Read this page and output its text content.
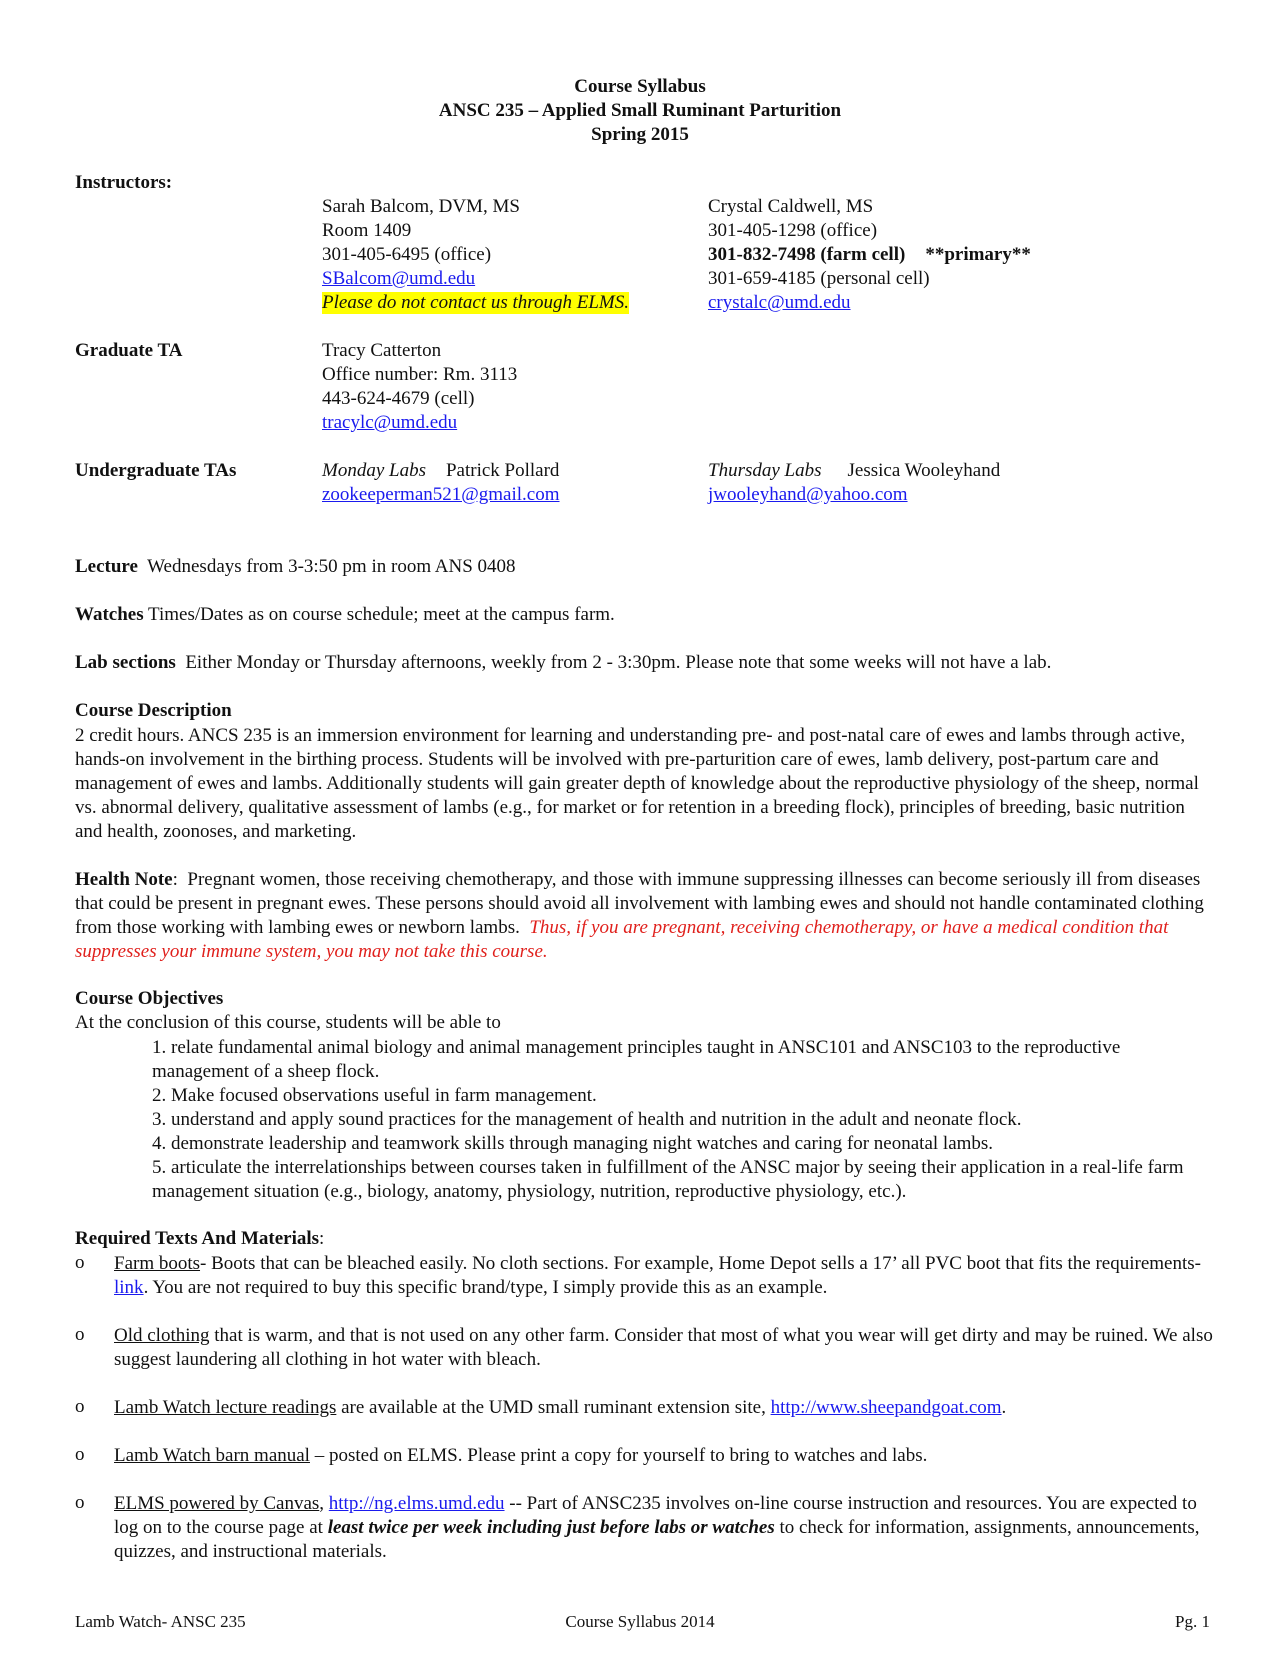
Course Syllabus
ANSC 235 – Applied Small Ruminant Parturition
Spring 2015
Instructors:
Sarah Balcom, DVM, MS
Room 1409
301-405-6495 (office)
SBalcom@umd.edu
Please do not contact us through ELMS.
Crystal Caldwell, MS
301-405-1298 (office)
301-832-7498 (farm cell) **primary**
301-659-4185 (personal cell)
crystalc@umd.edu
Graduate TA	Tracy Catterton
Office number: Rm. 3113
443-624-4679 (cell)
tracylc@umd.edu
Undergraduate TAs	Monday Labs Patrick Pollard
zookeeperman521@gmail.com
Thursday Labs Jessica Wooleyhand
jwooleyhand@yahoo.com
Lecture Wednesdays from 3-3:50 pm in room ANS 0408
Watches Times/Dates as on course schedule; meet at the campus farm.
Lab sections Either Monday or Thursday afternoons, weekly from 2 - 3:30pm. Please note that some weeks will not have a lab.
Course Description
2 credit hours. ANCS 235 is an immersion environment for learning and understanding pre- and post-natal care of ewes and lambs through active, hands-on involvement in the birthing process. Students will be involved with pre-parturition care of ewes, lamb delivery, post-partum care and management of ewes and lambs. Additionally students will gain greater depth of knowledge about the reproductive physiology of the sheep, normal vs. abnormal delivery, qualitative assessment of lambs (e.g., for market or for retention in a breeding flock), principles of breeding, basic nutrition and health, zoonoses, and marketing.
Health Note:  Pregnant women, those receiving chemotherapy, and those with immune suppressing illnesses can become seriously ill from diseases that could be present in pregnant ewes. These persons should avoid all involvement with lambing ewes and should not handle contaminated clothing from those working with lambing ewes or newborn lambs. Thus, if you are pregnant, receiving chemotherapy, or have a medical condition that suppresses your immune system, you may not take this course.
Course Objectives
At the conclusion of this course, students will be able to
1. relate fundamental animal biology and animal management principles taught in ANSC101 and ANSC103 to the reproductive management of a sheep flock.
2. Make focused observations useful in farm management.
3. understand and apply sound practices for the management of health and nutrition in the adult and neonate flock.
4. demonstrate leadership and teamwork skills through managing night watches and caring for neonatal lambs.
5. articulate the interrelationships between courses taken in fulfillment of the ANSC major by seeing their application in a real-life farm management situation (e.g., biology, anatomy, physiology, nutrition, reproductive physiology, etc.).
Required Texts And Materials:
o Farm boots- Boots that can be bleached easily. No cloth sections. For example, Home Depot sells a 17’ all PVC boot that fits the requirements- link. You are not required to buy this specific brand/type, I simply provide this as an example.
o Old clothing that is warm, and that is not used on any other farm. Consider that most of what you wear will get dirty and may be ruined. We also suggest laundering all clothing in hot water with bleach.
o Lamb Watch lecture readings are available at the UMD small ruminant extension site, http://www.sheepandgoat.com.
o Lamb Watch barn manual – posted on ELMS. Please print a copy for yourself to bring to watches and labs.
o ELMS powered by Canvas, http://ng.elms.umd.edu -- Part of ANSC235 involves on-line course instruction and resources. You are expected to log on to the course page at least twice per week including just before labs or watches to check for information, assignments, announcements, quizzes, and instructional materials.
Lamb Watch- ANSC 235	Course Syllabus 2014	Pg. 1
